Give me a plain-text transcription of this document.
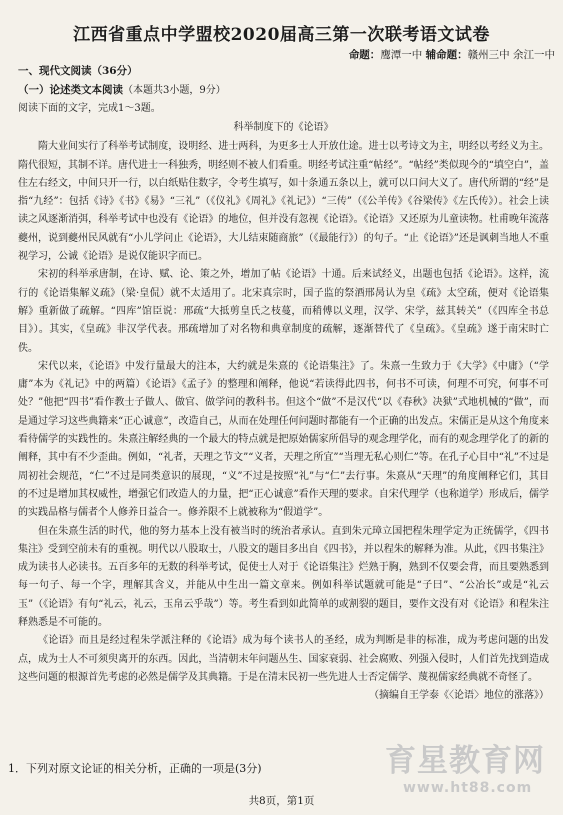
江西省重点中学盟校2020届高三第一次联考语文试卷
命题：鹰潭一中 辅命题：赣州三中 余江一中
一、现代文阅读（36分）
（一）论述类文本阅读（本题共3小题，9分）
阅读下面的文字，完成1～3题。

科举制度下的《论语》

隋大业间实行了科举考试制度，设明经、进士两科，为更多士人开放仕途。进士以考诗文为主，明经以考经义为主。隋代很短，其制不详。唐代进士一科独秀，明经则不被人们看重。明经考试注重“帖经”。“帖经”类似现今的“填空白”，盖住左右经文，中间只开一行，以白纸贴住数字，令考生填写，如十条通五条以上，就可以口问大义了。唐代所谓的“经”是指“九经”：包括《诗》《书》《易》“三礼”（《仪礼》《周礼》《礼记》）“三传”（《公羊传》《谷梁传》《左氏传》）。社会上读读之风逐渐消弭，科举考试中也没有《论语》的地位，但并没有忽视《论语》。《论语》又还原为儿童读物。杜甫晚年流落夔州，说到夔州民风就有“小儿学问止《论语》，大儿结束随商旅”（《最能行》）的句子。“止《论语》”还是讽刺当地人不重视学习，公诚《论语》是说仅能识字而已。

宋初的科举承唐制，在诗、赋、论、策之外，增加了帖《论语》十通。后来试经义，出题也包括《论语》。这样，流行的《论语集解义疏》（梁·皇侃）就不太适用了。北宋真宗时，国子监的祭酒邢昺认为皇《疏》太空疏，便对《论语集解》重新做了疏解。“四库”馆臣说：邢疏“大抵剪皇氏之枝蔓，而稍傅以义理，汉学、宋学，兹其转关”（《四库全书总目》）。其实，《皇疏》非汉学代表。邢疏增加了对名物和典章制度的疏解，逐渐替代了《皇疏》。《皇疏》遂于南宋时亡佚。

宋代以来，《论语》中发行量最大的注本，大约就是朱熹的《论语集注》了。朱熹一生致力于《大学》《中庸》（“学庸”本为《礼记》中的两篇）《论语》《孟子》的整理和阐释，他说“若读得此四书，何书不可读，何理不可究，何事不可处？”他把“四书”看作教士子做人、做官、做学问的教科书。但这个“做”不是汉代“以《春秋》决狱”式地机械的“做”，而是通过学习这些典籍来“正心诚意”，改造自己，从而在处理任何问题时都能有一个正确的出发点。宋儒正是从这个角度来看待儒学的实践性的。朱熹注解经典的一个最大的特点就是把原始儒家所倡导的观念理学化，而有的观念理学化了的新的阐释，其中有不少歪曲。例如，“礼者，天理之节文”“义者，天理之所宜”“当理无私心则仁”等。在孔子心目中“礼”不过是周初社会规范，“仁”不过是同类意识的展现，“义”不过是按照“礼”与“仁”去行事。朱熹从“天理”的角度阐释它们，其目的不过是增加其权威性，增强它们改造人的力量，把“正心诚意”看作天理的要求。自宋代理学（也称道学）形成后，儒学的实践品格与儒者个人修养日益合一。修养限不上就被称为“假道学”。

但在朱熹生活的时代，他的努力基本上没有被当时的统治者承认。直到朱元璋立国把程朱理学定为正统儒学，《四书集注》受到空前未有的重视。明代以八股取士，八股文的题目多出自《四书》，并以程朱的解释为准。从此，《四书集注》成为读书人必读书。五百多年的无数的科举考试，促使士人对于《论语集注》烂熟于胸，熟到不仅要会背，而且要熟悉到每一句子、每一个字，理解其含义，并能从中生出一篇文章来。例如科举试题就可能是“子曰”、“公冶长”或是“礼云玉”（《论语》有句“礼云，礼云，玉帛云乎哉”）等。考生看到如此简单的或割裂的题目，要作文没有对《论语》和程朱注释熟悉是不可能的。

《论语》而且是经过程朱学派注释的《论语》成为每个读书人的圣经，成为判断是非的标准，成为考虑问题的出发点，成为士人不可须臾离开的东西。因此，当清朝末年问题丛生、国家衰弱、社会腐败、列强入侵时，人们首先找到造成这些问题的根源首先考虑的必然是儒学及其典籍。于是在清末民初一些先进人士否定儒学、蔑视儒家经典就不奇怪了。

（摘编自王学泰《〈论语〉地位的涨落》）

1．下列对原文论证的相关分析，正确的一项是(3分)	育星教育网
www.ht88.com
共8页，第1页
